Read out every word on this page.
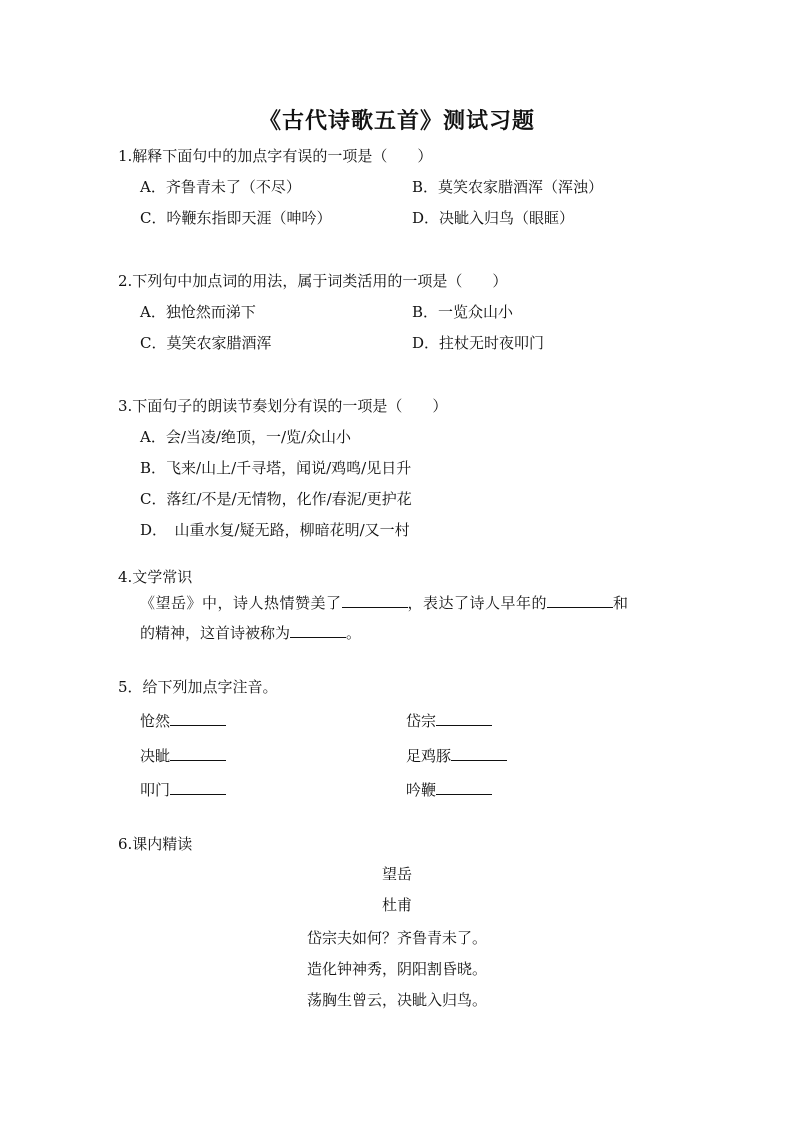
《古代诗歌五首》测试习题
1.解释下面句中的加点字有误的一项是（　　）
A．齐鲁青未了（不尽）	B．莫笑农家腊酒浑（浑浊）
C．吟鞭东指即天涯（呻吟）	D．决眦入归鸟（眼眶）
2.下列句中加点词的用法，属于词类活用的一项是（　　）
A．独怆然而涕下	B．一览众山小
C．莫笑农家腊酒浑	D．拄杖无时夜叩门
3.下面句子的朗读节奏划分有误的一项是（　　）
A．会/当凌/绝顶，一/览/众山小
B．飞来/山上/千寻塔，闻说/鸡鸣/见日升
C．落红/不是/无情物，化作/春泥/更护花
D．　山重水复/疑无路，柳暗花明/又一村
4.文学常识
《望岳》中，诗人热情赞美了	，表达了诗人早年的	和
的精神，这首诗被称为	。
5．给下列加点字注音。
怆然	岱宗
决眦	足鸡豚
叩门	吟鞭
6.课内精读
望岳
杜甫
岱宗夫如何？齐鲁青未了。
造化钟神秀，阴阳割昏晓。
荡胸生曾云，决眦入归鸟。
